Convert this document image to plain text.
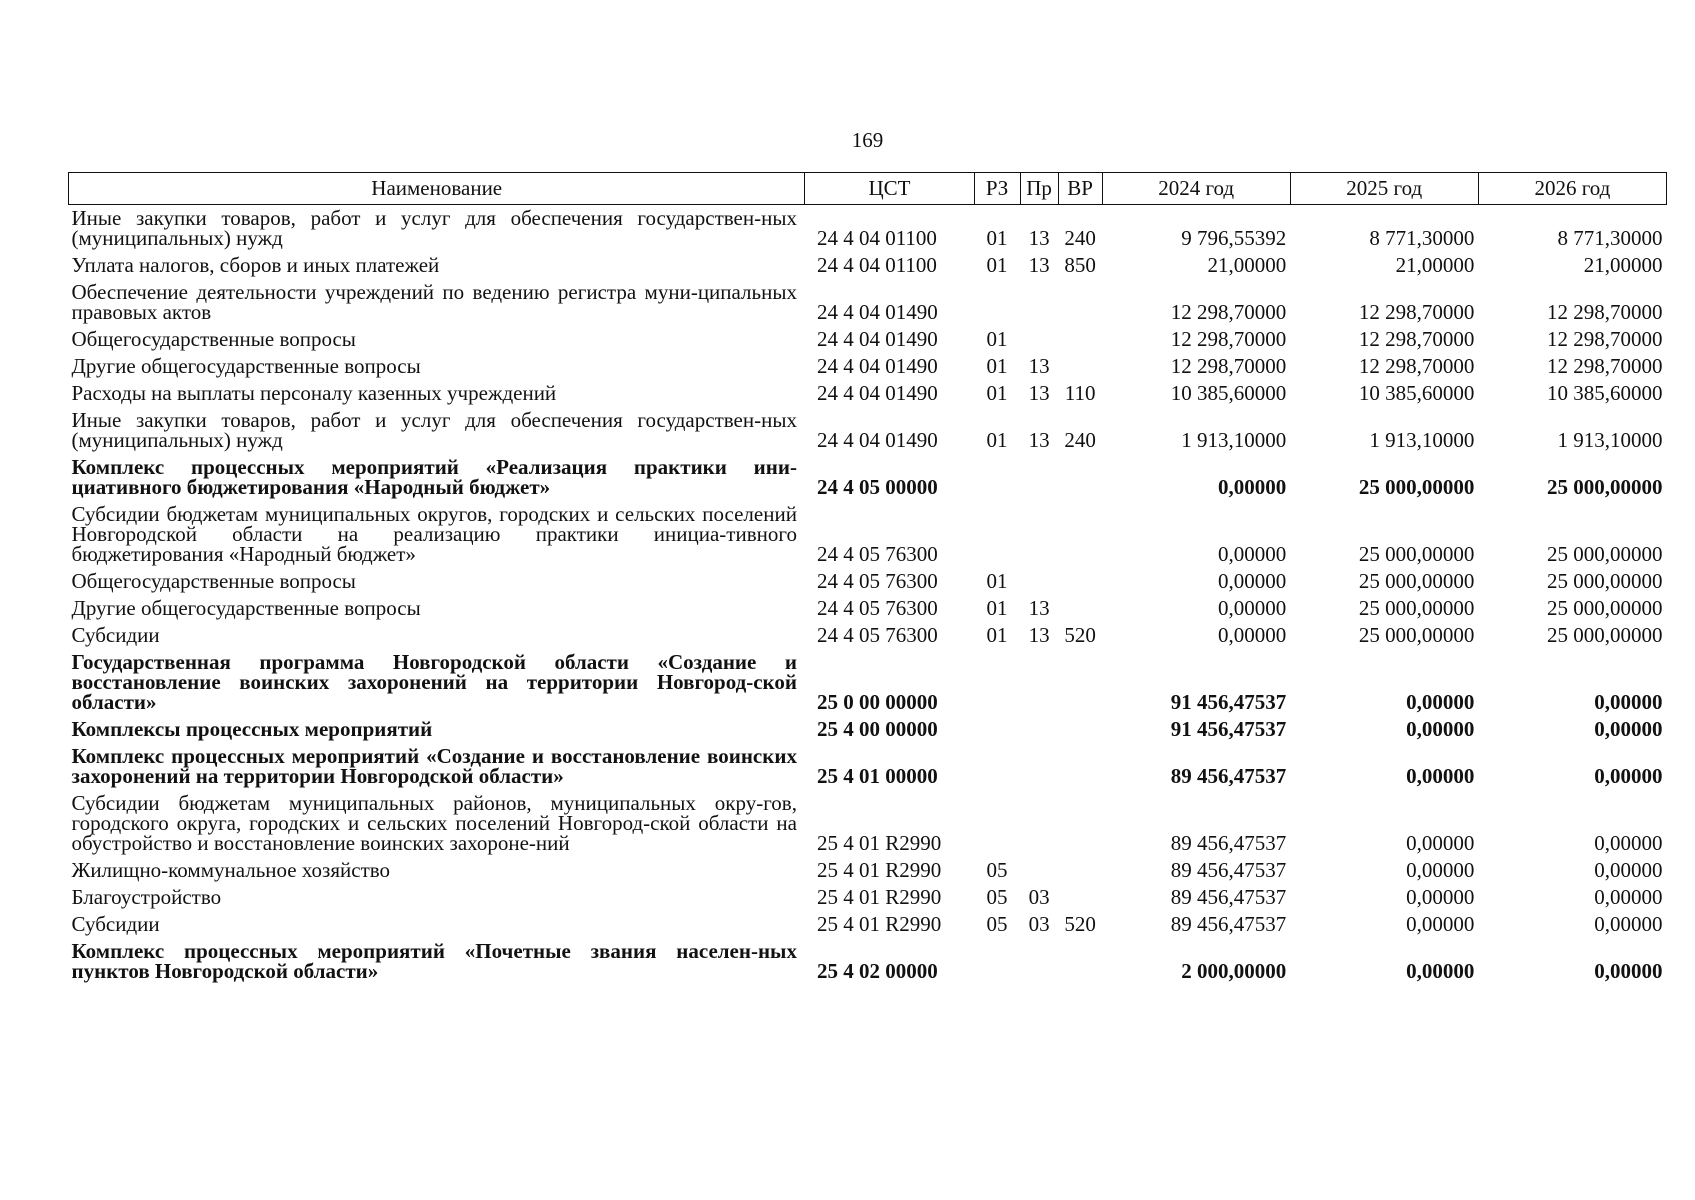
169
Наименование	ЦСТ	РЗ	Пр	ВР	2024 год	2025 год	2026 год
Иные закупки товаров, работ и услуг для обеспечения государствен-ных (муниципальных) нужд	24 4 04 01100	01	13	240	9 796,55392	8 771,30000	8 771,30000
Уплата налогов, сборов и иных платежей	24 4 04 01100	01	13	850	21,00000	21,00000	21,00000
Обеспечение деятельности учреждений по ведению регистра муни-ципальных правовых актов	24 4 04 01490				12 298,70000	12 298,70000	12 298,70000
Общегосударственные вопросы	24 4 04 01490	01			12 298,70000	12 298,70000	12 298,70000
Другие общегосударственные вопросы	24 4 04 01490	01	13		12 298,70000	12 298,70000	12 298,70000
Расходы на выплаты персоналу казенных учреждений	24 4 04 01490	01	13	110	10 385,60000	10 385,60000	10 385,60000
Иные закупки товаров, работ и услуг для обеспечения государствен-ных (муниципальных) нужд	24 4 04 01490	01	13	240	1 913,10000	1 913,10000	1 913,10000
Комплекс процессных мероприятий «Реализация практики ини-циативного бюджетирования «Народный бюджет»	24 4 05 00000				0,00000	25 000,00000	25 000,00000
Субсидии бюджетам муниципальных округов, городских и сельских поселений Новгородской области на реализацию практики инициа-тивного бюджетирования «Народный бюджет»	24 4 05 76300				0,00000	25 000,00000	25 000,00000
Общегосударственные вопросы	24 4 05 76300	01			0,00000	25 000,00000	25 000,00000
Другие общегосударственные вопросы	24 4 05 76300	01	13		0,00000	25 000,00000	25 000,00000
Субсидии	24 4 05 76300	01	13	520	0,00000	25 000,00000	25 000,00000
Государственная программа Новгородской области «Создание и восстановление воинских захоронений на территории Новгород-ской области»	25 0 00 00000				91 456,47537	0,00000	0,00000
Комплексы процессных мероприятий	25 4 00 00000				91 456,47537	0,00000	0,00000
Комплекс процессных мероприятий «Создание и восстановление воинских захоронений на территории Новгородской области»	25 4 01 00000				89 456,47537	0,00000	0,00000
Субсидии бюджетам муниципальных районов, муниципальных окру-гов, городского округа, городских и сельских поселений Новгород-ской области на обустройство и восстановление воинских захороне-ний	25 4 01 R2990				89 456,47537	0,00000	0,00000
Жилищно-коммунальное хозяйство	25 4 01 R2990	05			89 456,47537	0,00000	0,00000
Благоустройство	25 4 01 R2990	05	03		89 456,47537	0,00000	0,00000
Субсидии	25 4 01 R2990	05	03	520	89 456,47537	0,00000	0,00000
Комплекс процессных мероприятий «Почетные звания населен-ных пунктов Новгородской области»	25 4 02 00000				2 000,00000	0,00000	0,00000
